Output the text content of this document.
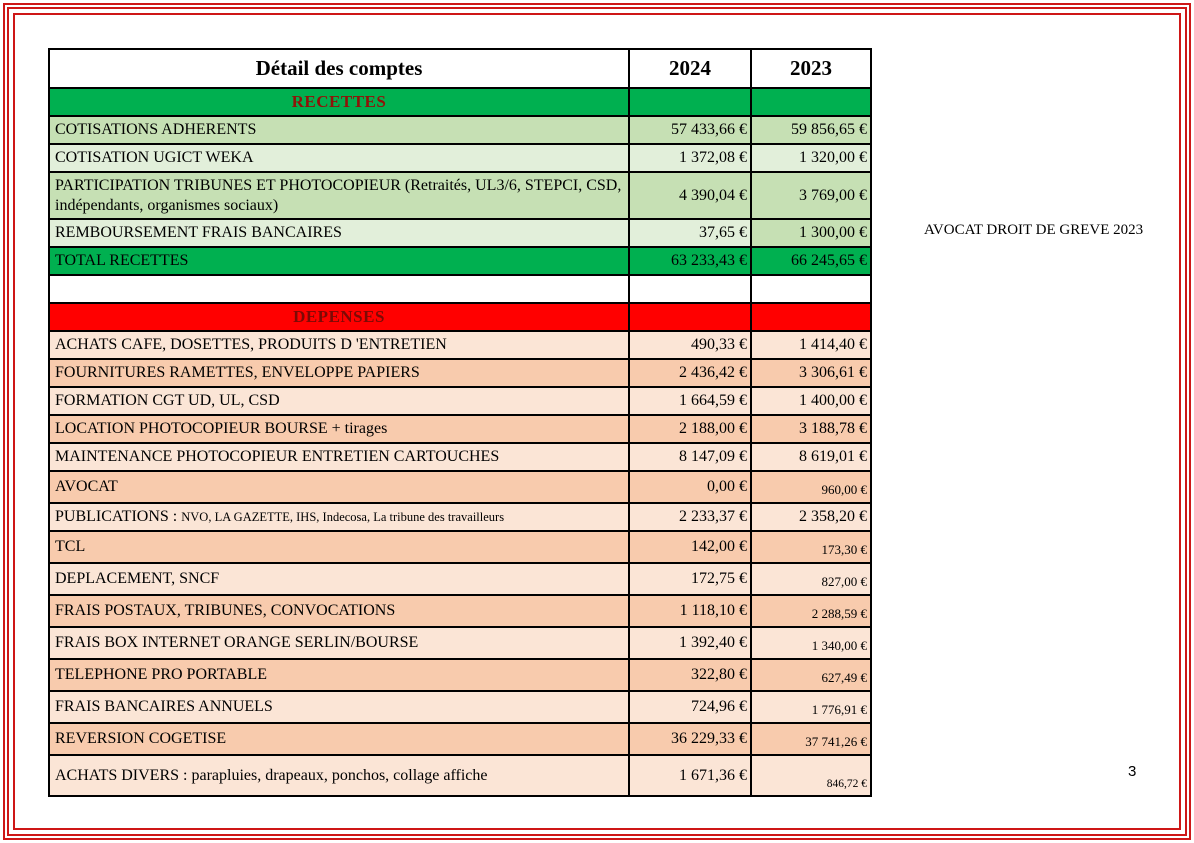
Détail des comptes	2024	2023
RECETTES		
COTISATIONS ADHERENTS	57 433,66 €	59 856,65 €
COTISATION UGICT WEKA	1 372,08 €	1 320,00 €
PARTICIPATION TRIBUNES ET PHOTOCOPIEUR (Retraités, UL3/6, STEPCI, CSD, indépendants, organismes sociaux)	4 390,04 €	3 769,00 €
REMBOURSEMENT FRAIS BANCAIRES	37,65 €	1 300,00 €
TOTAL RECETTES	63 233,43 €	66 245,65 €

DEPENSES		
ACHATS CAFE, DOSETTES, PRODUITS D 'ENTRETIEN	490,33 €	1 414,40 €
FOURNITURES RAMETTES, ENVELOPPE PAPIERS	2 436,42 €	3 306,61 €
FORMATION CGT UD, UL, CSD	1 664,59 €	1 400,00 €
LOCATION PHOTOCOPIEUR BOURSE + tirages	2 188,00 €	3 188,78 €
MAINTENANCE PHOTOCOPIEUR ENTRETIEN CARTOUCHES	8 147,09 €	8 619,01 €
AVOCAT	0,00 €	960,00 €
PUBLICATIONS : NVO, LA GAZETTE, IHS, Indecosa, La tribune des travailleurs	2 233,37 €	2 358,20 €
TCL	142,00 €	173,30 €
DEPLACEMENT, SNCF	172,75 €	827,00 €
FRAIS POSTAUX, TRIBUNES, CONVOCATIONS	1 118,10 €	2 288,59 €
FRAIS BOX INTERNET ORANGE SERLIN/BOURSE	1 392,40 €	1 340,00 €
TELEPHONE PRO PORTABLE	322,80 €	627,49 €
FRAIS BANCAIRES ANNUELS	724,96 €	1 776,91 €
REVERSION COGETISE	36 229,33 €	37 741,26 €
ACHATS DIVERS : parapluies, drapeaux, ponchos, collage affiche	1 671,36 €	846,72 €
AVOCAT DROIT DE GREVE 2023
3
